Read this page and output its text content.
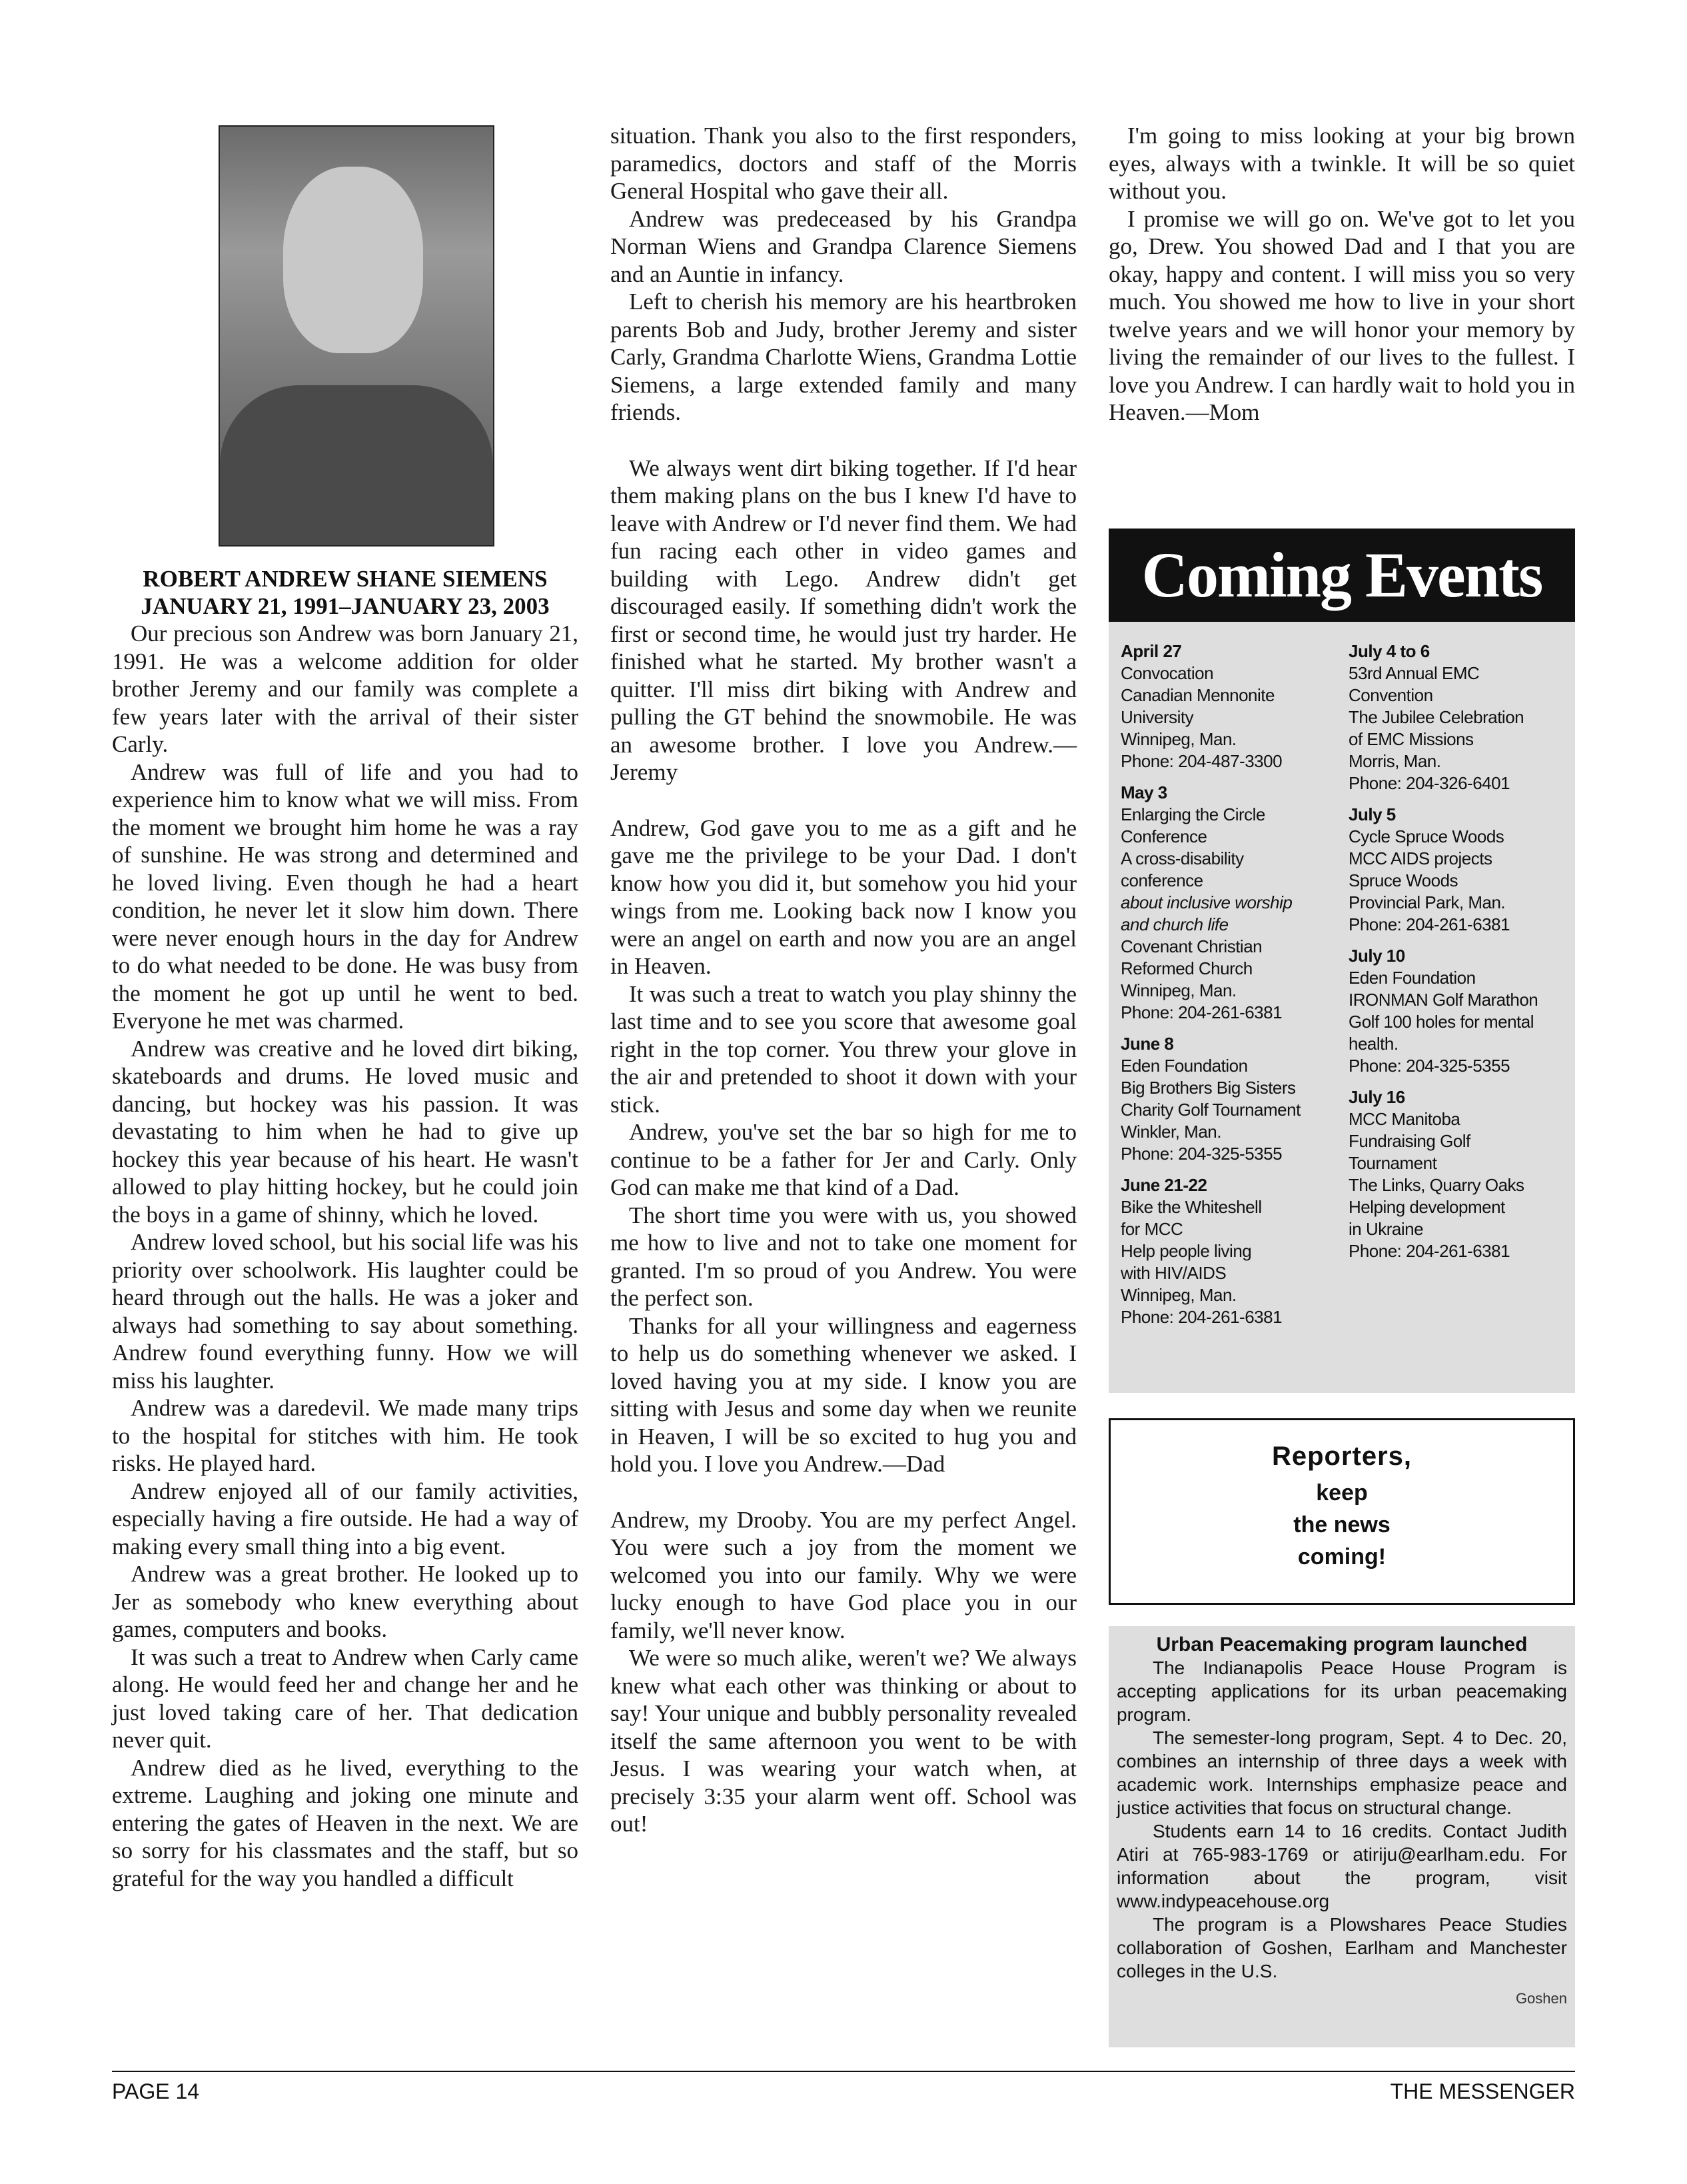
ROBERT ANDREW SHANE SIEMENS
JANUARY 21, 1991–JANUARY 23, 2003

Our precious son Andrew was born January 21, 1991. He was a welcome addition for older brother Jeremy and our family was complete a few years later with the arrival of their sister Carly.

Andrew was full of life and you had to experience him to know what we will miss. From the moment we brought him home he was a ray of sunshine. He was strong and determined and he loved living. Even though he had a heart condition, he never let it slow him down. There were never enough hours in the day for Andrew to do what needed to be done. He was busy from the moment he got up until he went to bed. Everyone he met was charmed.

Andrew was creative and he loved dirt biking, skateboards and drums. He loved music and dancing, but hockey was his passion. It was devastating to him when he had to give up hockey this year because of his heart. He wasn't allowed to play hitting hockey, but he could join the boys in a game of shinny, which he loved.

Andrew loved school, but his social life was his priority over schoolwork. His laughter could be heard through out the halls. He was a joker and always had something to say about something. Andrew found everything funny. How we will miss his laughter.

Andrew was a daredevil. We made many trips to the hospital for stitches with him. He took risks. He played hard.

Andrew enjoyed all of our family activities, especially having a fire outside. He had a way of making every small thing into a big event.

Andrew was a great brother. He looked up to Jer as somebody who knew everything about games, computers and books.

It was such a treat to Andrew when Carly came along. He would feed her and change her and he just loved taking care of her. That dedication never quit.

Andrew died as he lived, everything to the extreme. Laughing and joking one minute and entering the gates of Heaven in the next. We are so sorry for his classmates and the staff, but so grateful for the way you handled a difficult

situation. Thank you also to the first responders, paramedics, doctors and staff of the Morris General Hospital who gave their all.

Andrew was predeceased by his Grandpa Norman Wiens and Grandpa Clarence Siemens and an Auntie in infancy.

Left to cherish his memory are his heartbroken parents Bob and Judy, brother Jeremy and sister Carly, Grandma Charlotte Wiens, Grandma Lottie Siemens, a large extended family and many friends.

We always went dirt biking together. If I'd hear them making plans on the bus I knew I'd have to leave with Andrew or I'd never find them. We had fun racing each other in video games and building with Lego. Andrew didn't get discouraged easily. If something didn't work the first or second time, he would just try harder. He finished what he started. My brother wasn't a quitter. I'll miss dirt biking with Andrew and pulling the GT behind the snowmobile. He was an awesome brother. I love you Andrew.—Jeremy

Andrew, God gave you to me as a gift and he gave me the privilege to be your Dad. I don't know how you did it, but somehow you hid your wings from me. Looking back now I know you were an angel on earth and now you are an angel in Heaven.

It was such a treat to watch you play shinny the last time and to see you score that awesome goal right in the top corner. You threw your glove in the air and pretended to shoot it down with your stick.

Andrew, you've set the bar so high for me to continue to be a father for Jer and Carly. Only God can make me that kind of a Dad.

The short time you were with us, you showed me how to live and not to take one moment for granted. I'm so proud of you Andrew. You were the perfect son.

Thanks for all your willingness and eagerness to help us do something whenever we asked. I loved having you at my side. I know you are sitting with Jesus and some day when we reunite in Heaven, I will be so excited to hug you and hold you. I love you Andrew.—Dad

Andrew, my Drooby. You are my perfect Angel. You were such a joy from the moment we welcomed you into our family. Why we were lucky enough to have God place you in our family, we'll never know.

We were so much alike, weren't we? We always knew what each other was thinking or about to say! Your unique and bubbly personality revealed itself the same afternoon you went to be with Jesus. I was wearing your watch when, at precisely 3:35 your alarm went off. School was out!

I'm going to miss looking at your big brown eyes, always with a twinkle. It will be so quiet without you.

I promise we will go on. We've got to let you go, Drew. You showed Dad and I that you are okay, happy and content. I will miss you so very much. You showed me how to live in your short twelve years and we will honor your memory by living the remainder of our lives to the fullest. I love you Andrew. I can hardly wait to hold you in Heaven.—Mom

Coming Events
April 27
Convocation
Canadian Mennonite
University
Winnipeg, Man.
Phone: 204-487-3300
May 3
Enlarging the Circle
Conference
A cross-disability
conference
about inclusive worship
and church life
Covenant Christian
Reformed Church
Winnipeg, Man.
Phone: 204-261-6381
June 8
Eden Foundation
Big Brothers Big Sisters
Charity Golf Tournament
Winkler, Man.
Phone: 204-325-5355
June 21-22
Bike the Whiteshell
for MCC
Help people living
with HIV/AIDS
Winnipeg, Man.
Phone: 204-261-6381
July 4 to 6
53rd Annual EMC
Convention
The Jubilee Celebration
of EMC Missions
Morris, Man.
Phone: 204-326-6401
July 5
Cycle Spruce Woods
MCC AIDS projects
Spruce Woods
Provincial Park, Man.
Phone: 204-261-6381
July 10
Eden Foundation
IRONMAN Golf Marathon
Golf 100 holes for mental
health.
Phone: 204-325-5355
July 16
MCC Manitoba
Fundraising Golf
Tournament
The Links, Quarry Oaks
Helping development
in Ukraine
Phone: 204-261-6381
Reporters,
keep
the news
coming!
Urban Peacemaking program launched

The Indianapolis Peace House Program is accepting applications for its urban peacemaking program.

The semester-long program, Sept. 4 to Dec. 20, combines an internship of three days a week with academic work. Internships emphasize peace and justice activities that focus on structural change.

Students earn 14 to 16 credits. Contact Judith Atiri at 765-983-1769 or atiriju@earlham.edu. For information about the program, visit www.indypeacehouse.org

The program is a Plowshares Peace Studies collaboration of Goshen, Earlham and Manchester colleges in the U.S.

Goshen
PAGE 14	THE MESSENGER
